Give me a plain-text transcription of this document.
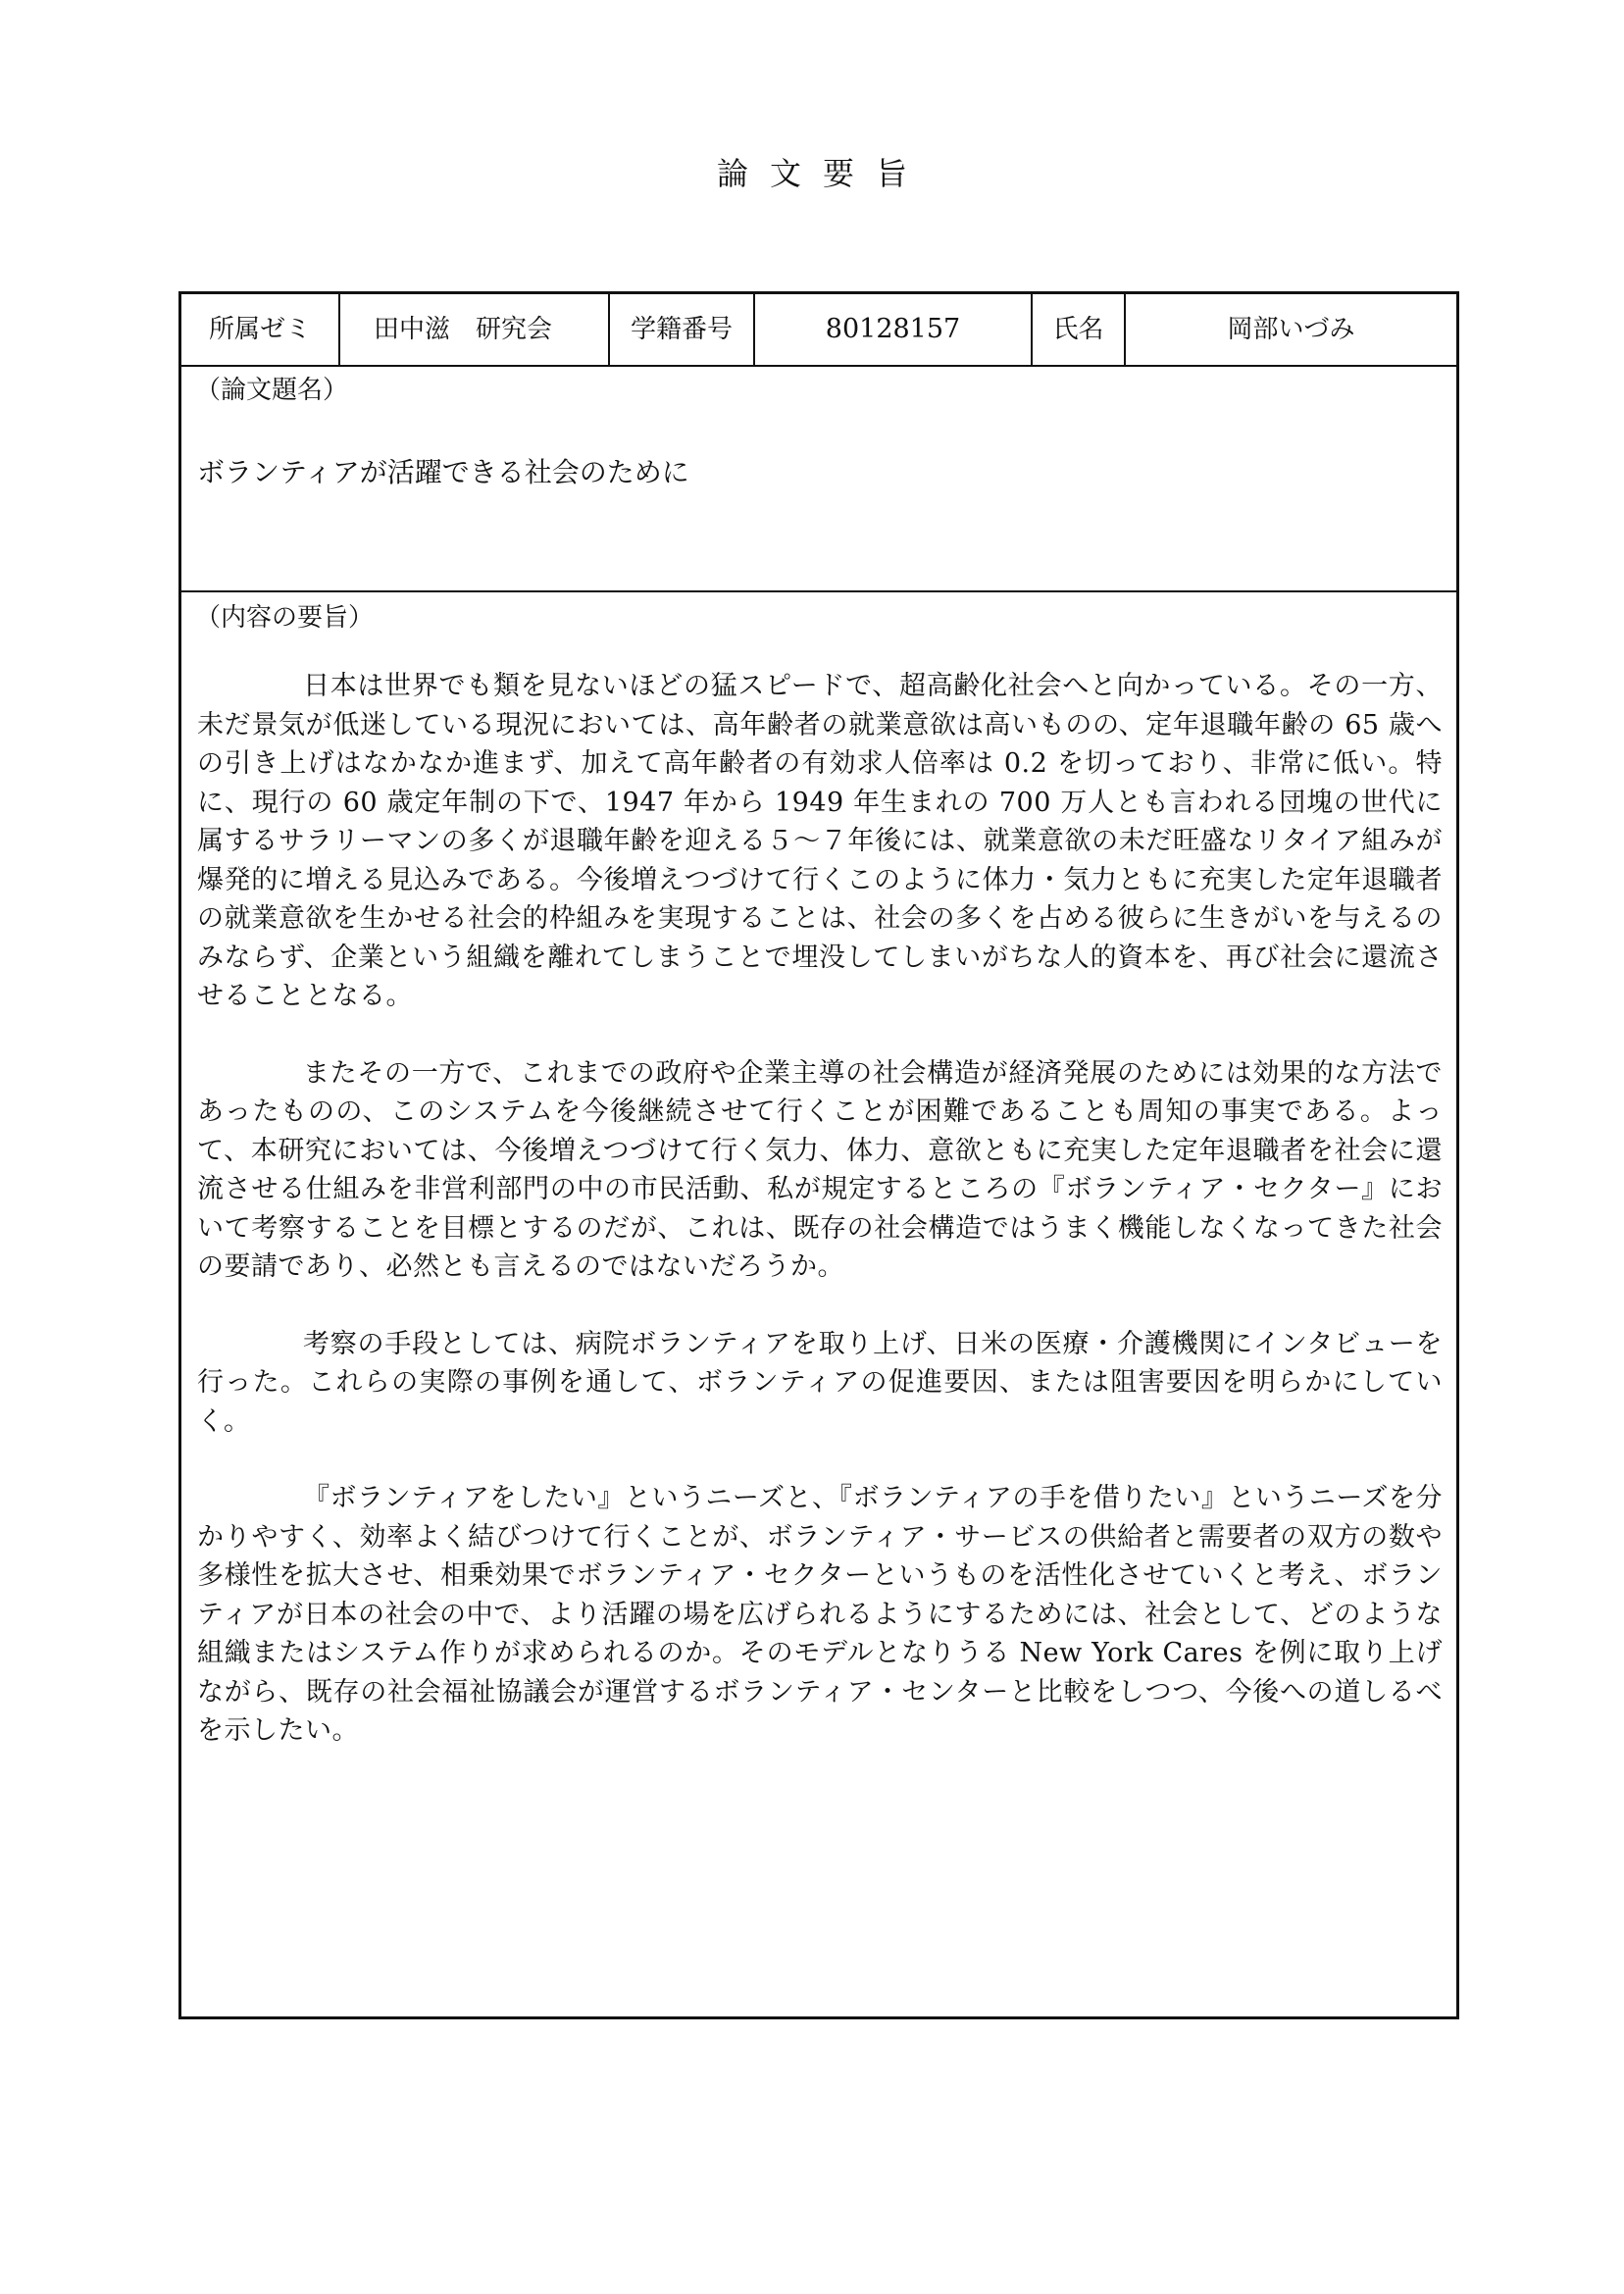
論文要旨
所属ゼミ	田中滋　研究会	学籍番号	80128157	氏名	岡部いづみ
（論文題名）
ボランティアが活躍できる社会のために
（内容の要旨）

日本は世界でも類を見ないほどの猛スピードで、超高齢化社会へと向かっている。その一方、未だ景気が低迷している現況においては、高年齢者の就業意欲は高いものの、定年退職年齢の 65 歳への引き上げはなかなか進まず、加えて高年齢者の有効求人倍率は 0.2 を切っており、非常に低い。特に、現行の 60 歳定年制の下で、1947 年から 1949 年生まれの 700 万人とも言われる団塊の世代に属するサラリーマンの多くが退職年齢を迎える５～７年後には、就業意欲の未だ旺盛なリタイア組みが爆発的に増える見込みである。今後増えつづけて行くこのように体力・気力ともに充実した定年退職者の就業意欲を生かせる社会的枠組みを実現することは、社会の多くを占める彼らに生きがいを与えるのみならず、企業という組織を離れてしまうことで埋没してしまいがちな人的資本を、再び社会に還流させることとなる。

またその一方で、これまでの政府や企業主導の社会構造が経済発展のためには効果的な方法であったものの、このシステムを今後継続させて行くことが困難であることも周知の事実である。よって、本研究においては、今後増えつづけて行く気力、体力、意欲ともに充実した定年退職者を社会に還流させる仕組みを非営利部門の中の市民活動、私が規定するところの『ボランティア・セクター』において考察することを目標とするのだが、これは、既存の社会構造ではうまく機能しなくなってきた社会の要請であり、必然とも言えるのではないだろうか。

考察の手段としては、病院ボランティアを取り上げ、日米の医療・介護機関にインタビューを行った。これらの実際の事例を通して、ボランティアの促進要因、または阻害要因を明らかにしていく。

『ボランティアをしたい』というニーズと、『ボランティアの手を借りたい』というニーズを分かりやすく、効率よく結びつけて行くことが、ボランティア・サービスの供給者と需要者の双方の数や多様性を拡大させ、相乗効果でボランティア・セクターというものを活性化させていくと考え、ボランティアが日本の社会の中で、より活躍の場を広げられるようにするためには、社会として、どのような組織またはシステム作りが求められるのか。そのモデルとなりうる New York Cares を例に取り上げながら、既存の社会福祉協議会が運営するボランティア・センターと比較をしつつ、今後への道しるべを示したい。
